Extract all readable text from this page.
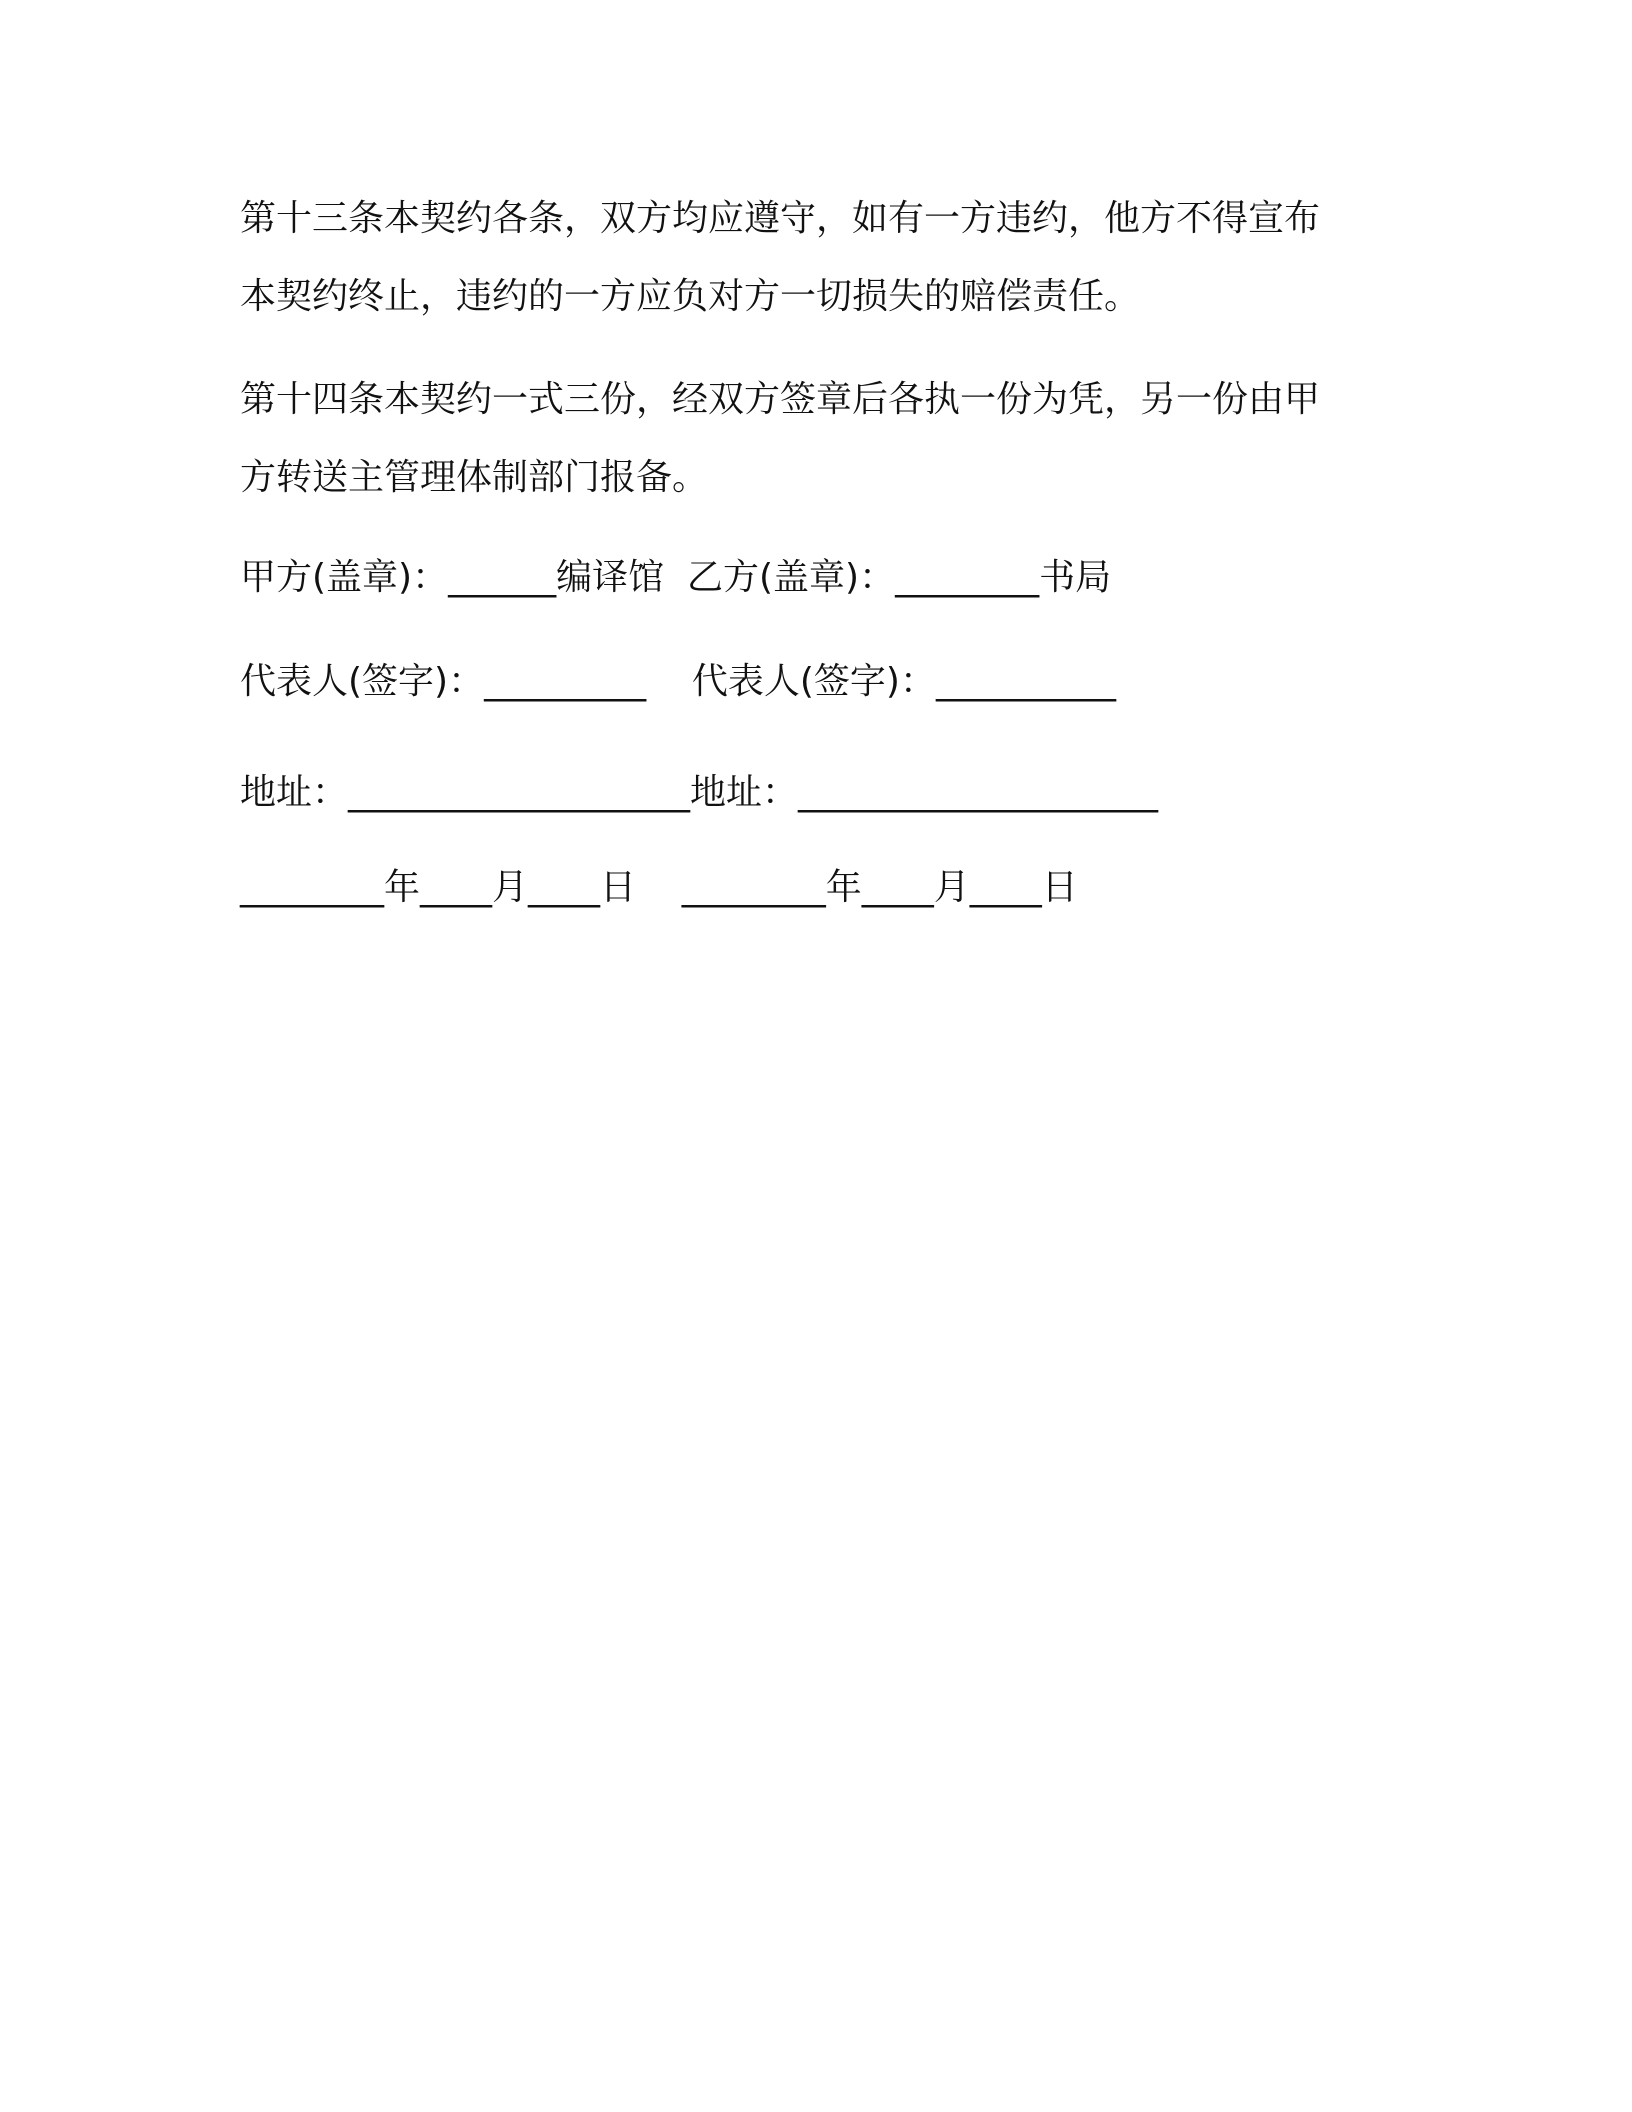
第十三条本契约各条，双方均应遵守，如有一方违约，他方不得宣布
本契约终止，违约的一方应负对方一切损失的赔偿责任。
第十四条本契约一式三份，经双方签章后各执一份为凭，另一份由甲
方转送主管理体制部门报备。
甲方(盖章)：______编译馆  乙方(盖章)：________书局
代表人(签字)：_________    代表人(签字)：__________
地址：___________________地址：____________________
________年____月____日    ________年____月____日
